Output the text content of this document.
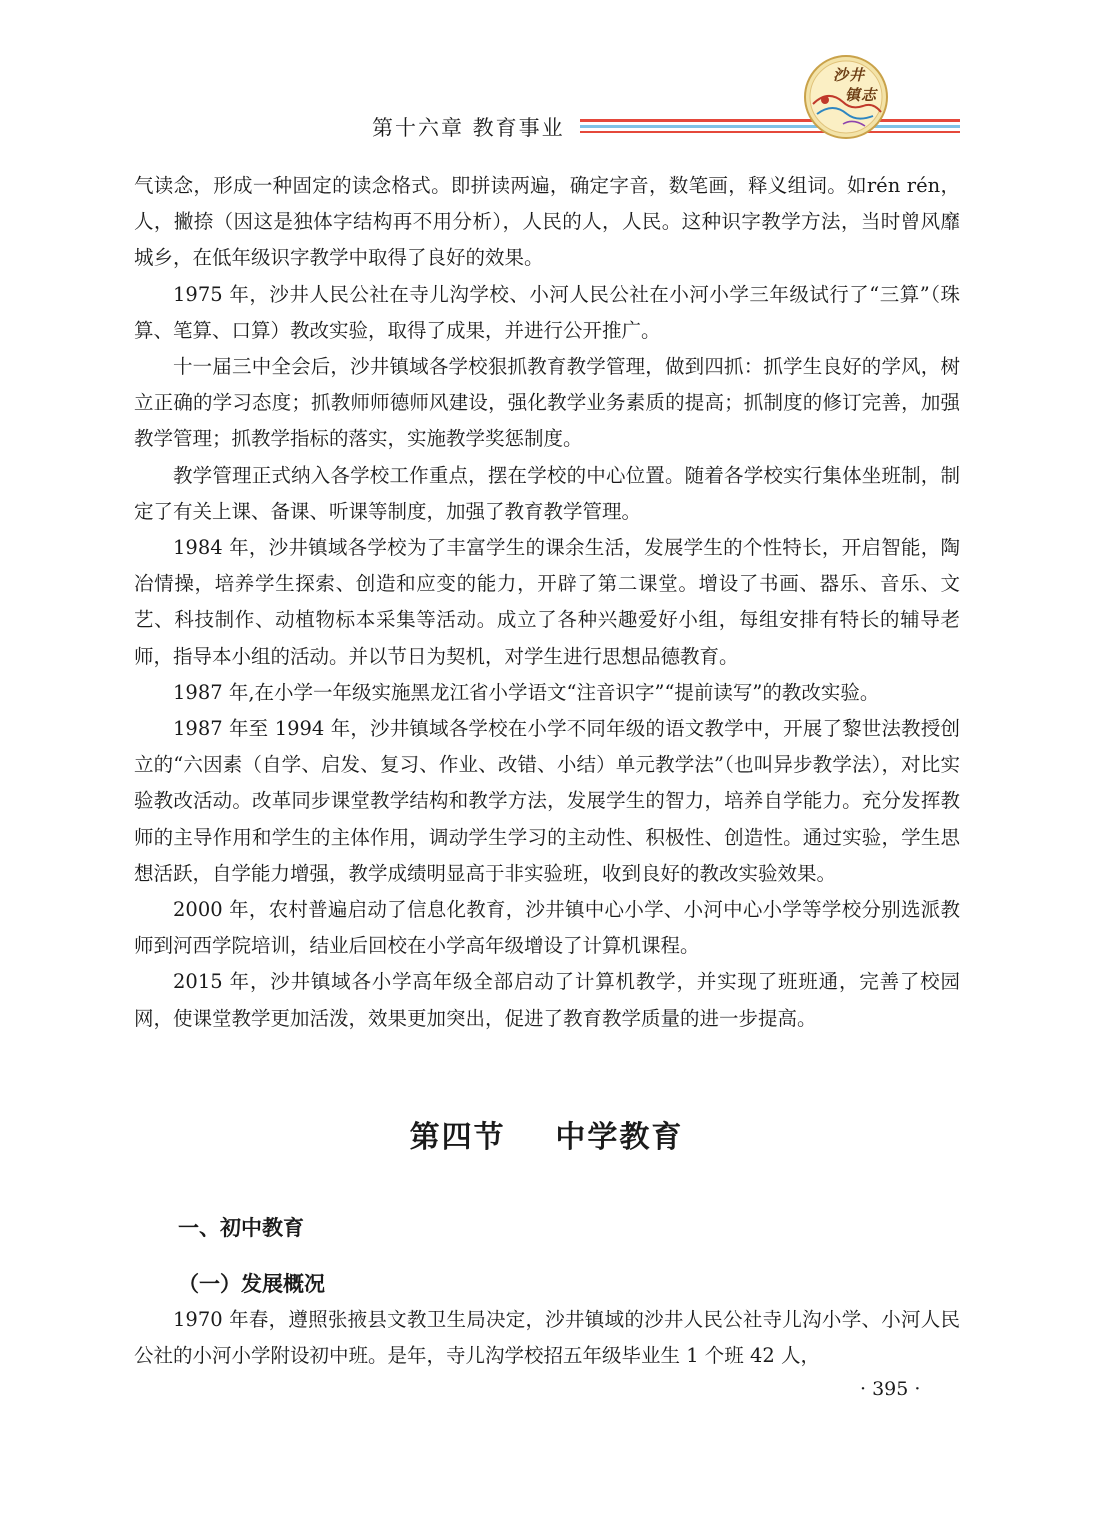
第十六章 教育事业
沙井
镇志

气读念，形成一种固定的读念格式。即拼读两遍，确定字音，数笔画，释义组词。如rén rén，人，撇捺（因这是独体字结构再不用分析），人民的人，人民。这种识字教学方法，当时曾风靡城乡，在低年级识字教学中取得了良好的效果。

1975 年，沙井人民公社在寺儿沟学校、小河人民公社在小河小学三年级试行了“三算”（珠算、笔算、口算）教改实验，取得了成果，并进行公开推广。

十一届三中全会后，沙井镇域各学校狠抓教育教学管理，做到四抓：抓学生良好的学风，树立正确的学习态度；抓教师师德师风建设，强化教学业务素质的提高；抓制度的修订完善，加强教学管理；抓教学指标的落实，实施教学奖惩制度。

教学管理正式纳入各学校工作重点，摆在学校的中心位置。随着各学校实行集体坐班制，制定了有关上课、备课、听课等制度，加强了教育教学管理。

1984 年，沙井镇域各学校为了丰富学生的课余生活，发展学生的个性特长，开启智能，陶冶情操，培养学生探索、创造和应变的能力，开辟了第二课堂。增设了书画、器乐、音乐、文艺、科技制作、动植物标本采集等活动。成立了各种兴趣爱好小组，每组安排有特长的辅导老师，指导本小组的活动。并以节日为契机，对学生进行思想品德教育。

1987 年,在小学一年级实施黑龙江省小学语文“注音识字”“提前读写”的教改实验。

1987 年至 1994 年，沙井镇域各学校在小学不同年级的语文教学中，开展了黎世法教授创立的“六因素（自学、启发、复习、作业、改错、小结）单元教学法”（也叫异步教学法），对比实验教改活动。改革同步课堂教学结构和教学方法，发展学生的智力，培养自学能力。充分发挥教师的主导作用和学生的主体作用，调动学生学习的主动性、积极性、创造性。通过实验，学生思想活跃，自学能力增强，教学成绩明显高于非实验班，收到良好的教改实验效果。

2000 年，农村普遍启动了信息化教育，沙井镇中心小学、小河中心小学等学校分别选派教师到河西学院培训，结业后回校在小学高年级增设了计算机课程。

2015 年，沙井镇域各小学高年级全部启动了计算机教学，并实现了班班通，完善了校园网，使课堂教学更加活泼，效果更加突出，促进了教育教学质量的进一步提高。

第四节    中学教育
一、初中教育
（一）发展概况

1970 年春，遵照张掖县文教卫生局决定，沙井镇域的沙井人民公社寺儿沟小学、小河人民公社的小河小学附设初中班。是年，寺儿沟学校招五年级毕业生 1 个班 42 人，

· 395 ·
